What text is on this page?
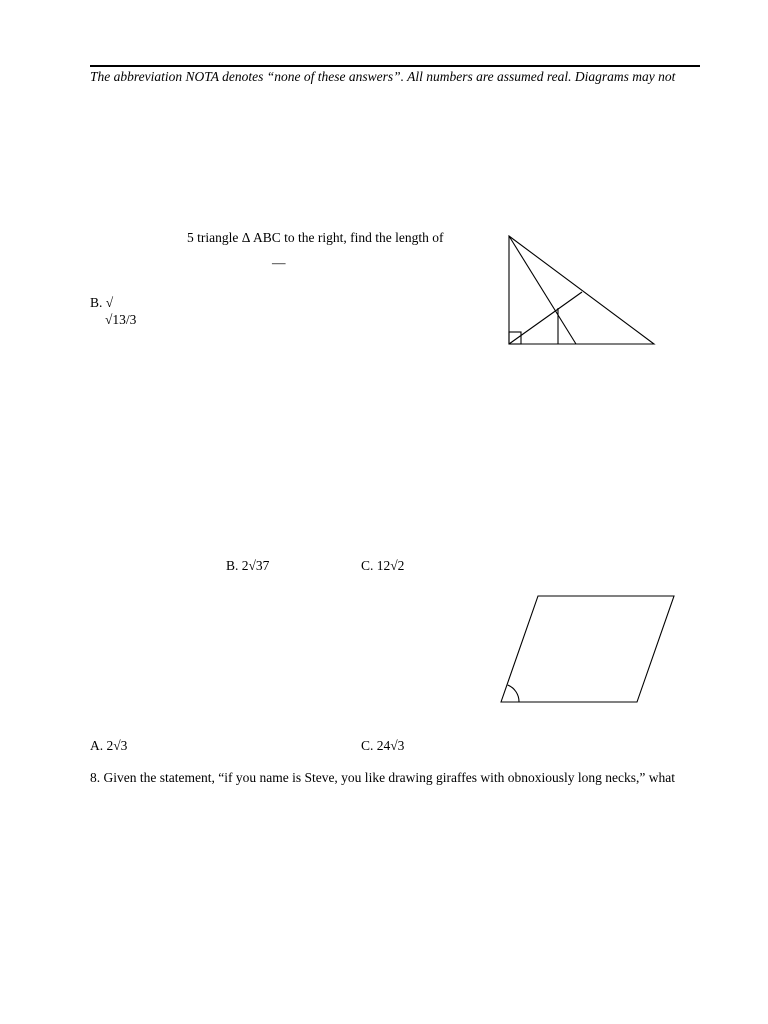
The abbreviation NOTA denotes “none of these answers”. All numbers are assumed real. Diagrams may not
5 triangle Δ ABC to the right, find the length of
—
B. √
√13/3
B. 2√37	C. 12√2
A. 2√3	C. 24√3
8. Given the statement, “if you name is Steve, you like drawing giraffes with obnoxiously long necks,” what
